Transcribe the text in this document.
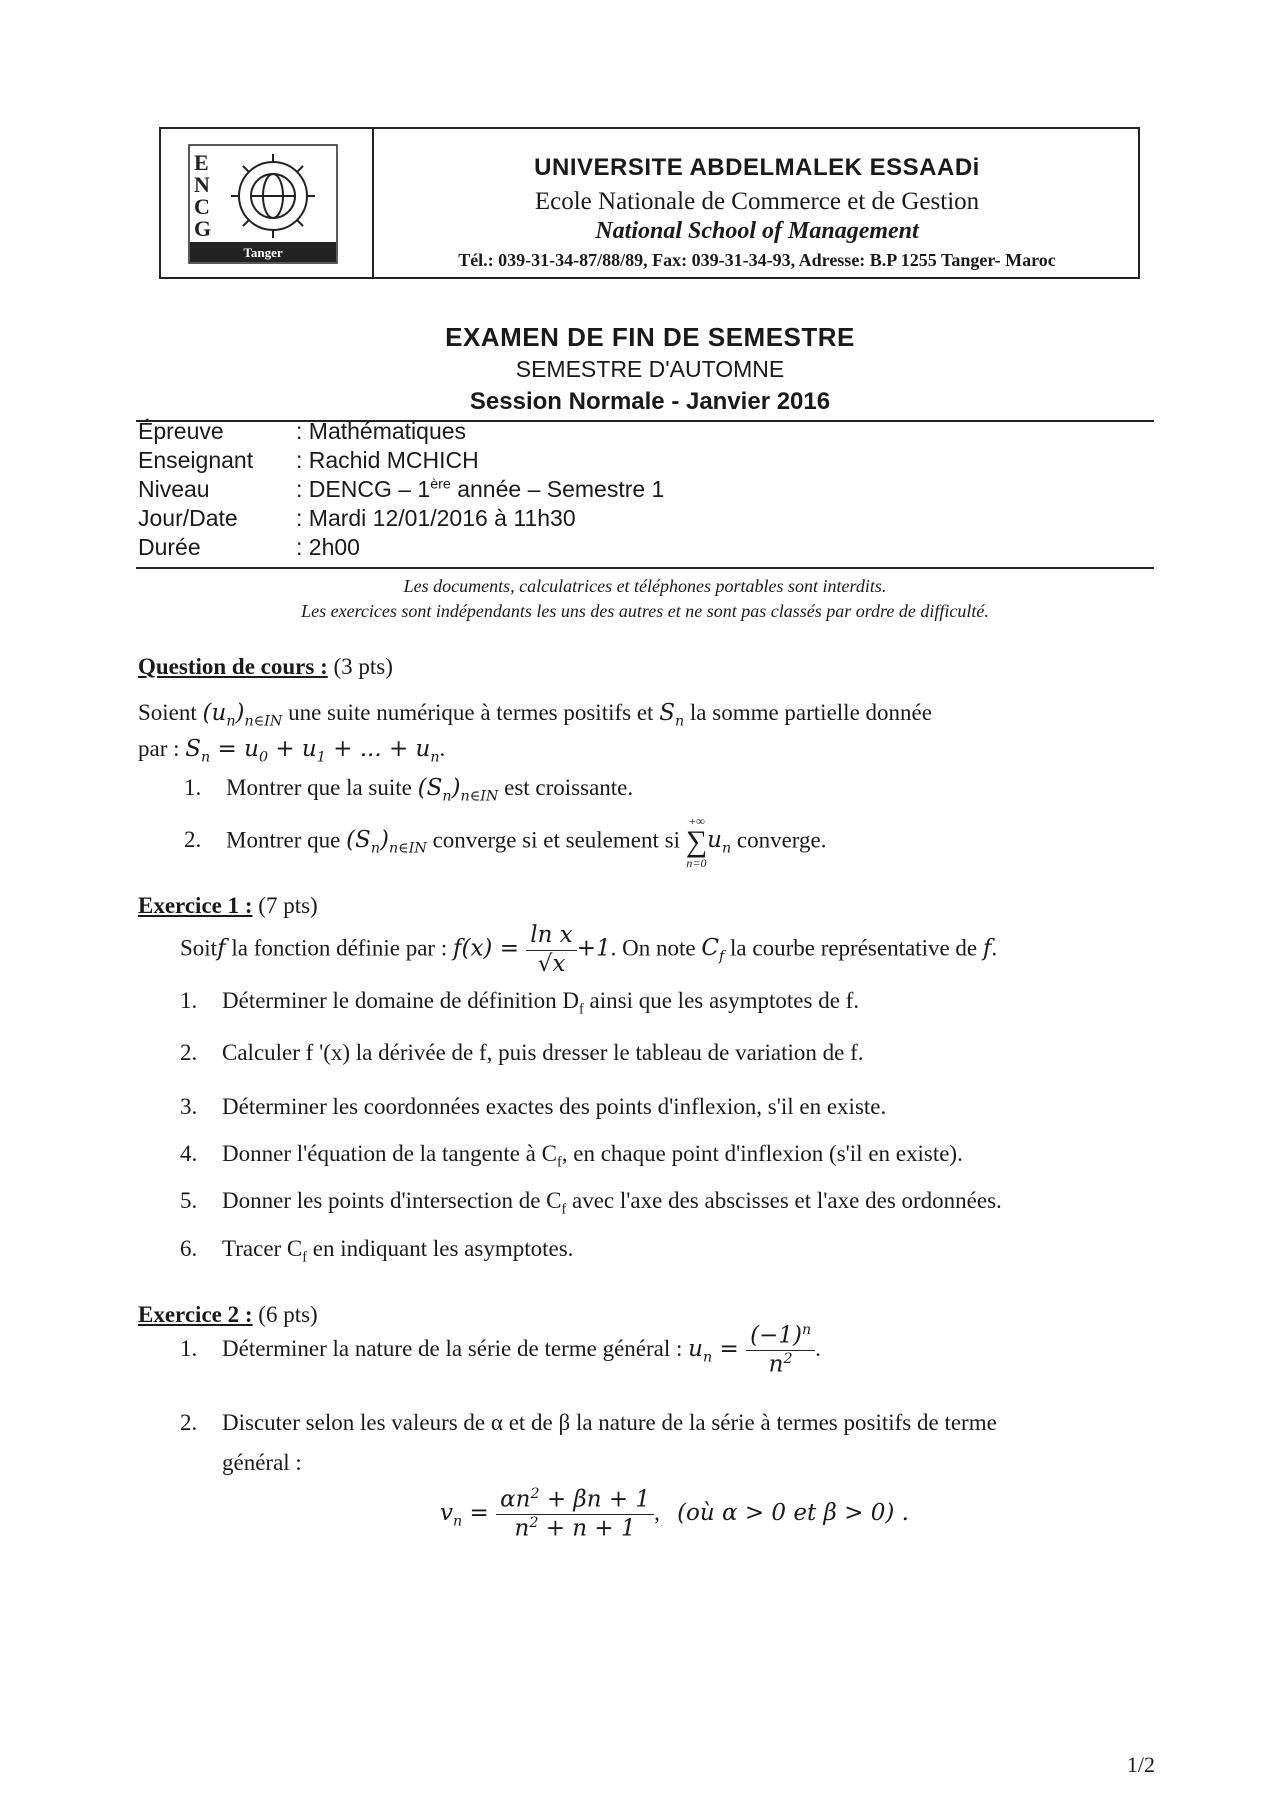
E
N
C
G
Tanger
UNIVERSITE ABDELMALEK ESSAADi
Ecole Nationale de Commerce et de Gestion
National School of Management
Tél.: 039-31-34-87/88/89, Fax: 039-31-34-93, Adresse: B.P 1255 Tanger- Maroc
EXAMEN DE FIN DE SEMESTRE
SEMESTRE D'AUTOMNE
Session Normale - Janvier 2016
Épreuve	: Mathématiques
Enseignant : Rachid MCHICH
Niveau	: DENCG – 1ère année – Semestre 1
Jour/Date	: Mardi 12/01/2016 à 11h30
Durée	: 2h00
Les documents, calculatrices et téléphones portables sont interdits.
Les exercices sont indépendants les uns des autres et ne sont pas classés par ordre de difficulté.
Question de cours : (3 pts)
Soient $(u_n)_{n\in IN}$ une suite numérique à termes positifs et $S_n$ la somme partielle donnée
par : $S_n = u_0 + u_1$ + ... + $u_n$.
1. Montrer que la suite $(S_n)_{n\in IN}$ est croissante.
2. Montrer que $(S_n)_{n\in IN}$ converge si et seulement si
+∞
∑
n=0
$u_n$ converge.
Exercice 1 : (7 pts)
Soitf la fonction définie par : $f(x) = \frac{\text{ln x}}{√x} +1$. On note $C_f$ la courbe représentative de f.
1. Déterminer le domaine de définition $D_f$ ainsi que les asymptotes de f.
2. Calculer f '(x) la dérivée de f, puis dresser le tableau de variation de f.
3. Déterminer les coordonnées exactes des points d'inflexion, s'il en existe.
4. Donner l'équation de la tangente à $C_f$, en chaque point d'inflexion (s'il en existe).
5. Donner les points d'intersection de $C_f$ avec l'axe des abscisses et l'axe des ordonnées.
6. Tracer $C_f$ en indiquant les asymptotes.
Exercice 2 : (6 pts)
1. Déterminer la nature de la série de terme général : $u_n = \frac{(-1)^n}{n^2}$ .
2. Discuter selon les valeurs de α et de β la nature de la série à termes positifs de terme
général :
$v_n = \frac{\alpha n^2 + \beta n + 1}{n^2 + n + 1}$ ,   (où α > 0 et β > 0) .
1/2
